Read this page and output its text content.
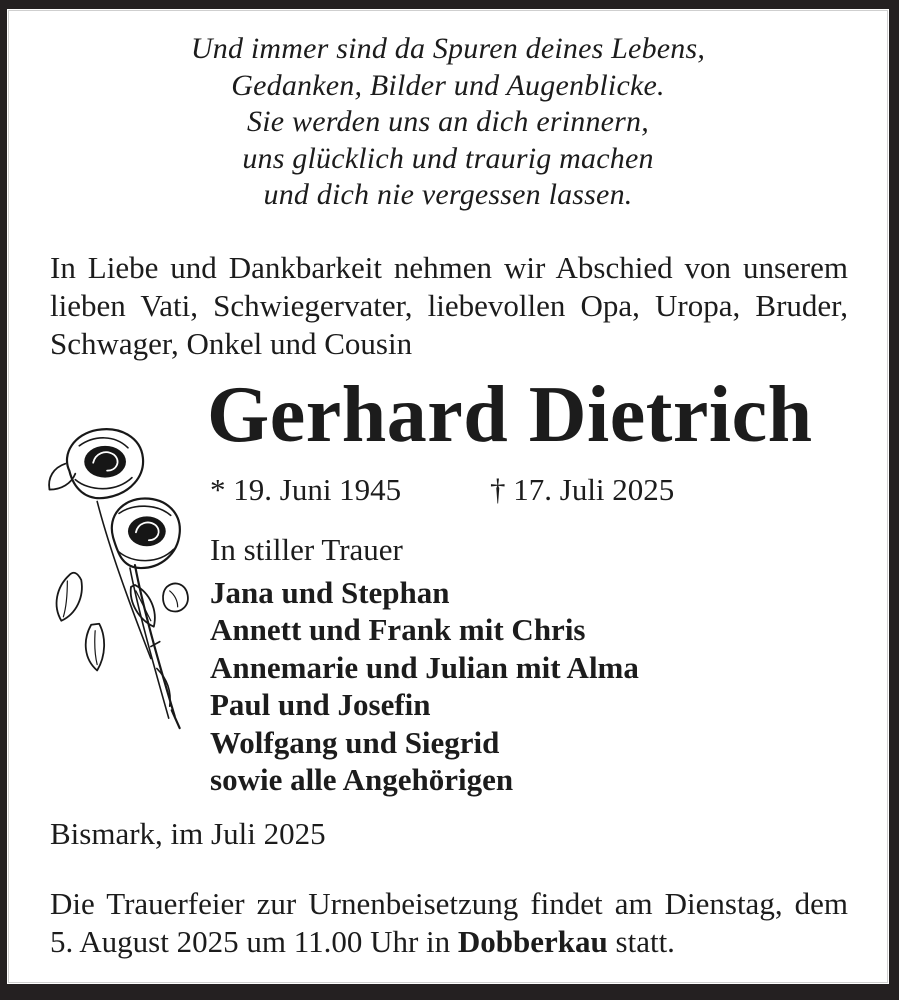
Und immer sind da Spuren deines Lebens,
Gedanken, Bilder und Augenblicke.
Sie werden uns an dich erinnern,
uns glücklich und traurig machen
und dich nie vergessen lassen.
In Liebe und Dankbarkeit nehmen wir Abschied von unserem
lieben Vati, Schwiegervater, liebevollen Opa, Uropa, Bruder,
Schwager, Onkel und Cousin
Gerhard Dietrich
* 19. Juni 1945	† 17. Juli 2025
In stiller Trauer
Jana und Stephan
Annett und Frank mit Chris
Annemarie und Julian mit Alma
Paul und Josefin
Wolfgang und Siegrid
sowie alle Angehörigen
Bismark, im Juli 2025
Die Trauerfeier zur Urnenbeisetzung findet am Dienstag, dem
5. August 2025 um 11.00 Uhr in Dobberkau statt.
